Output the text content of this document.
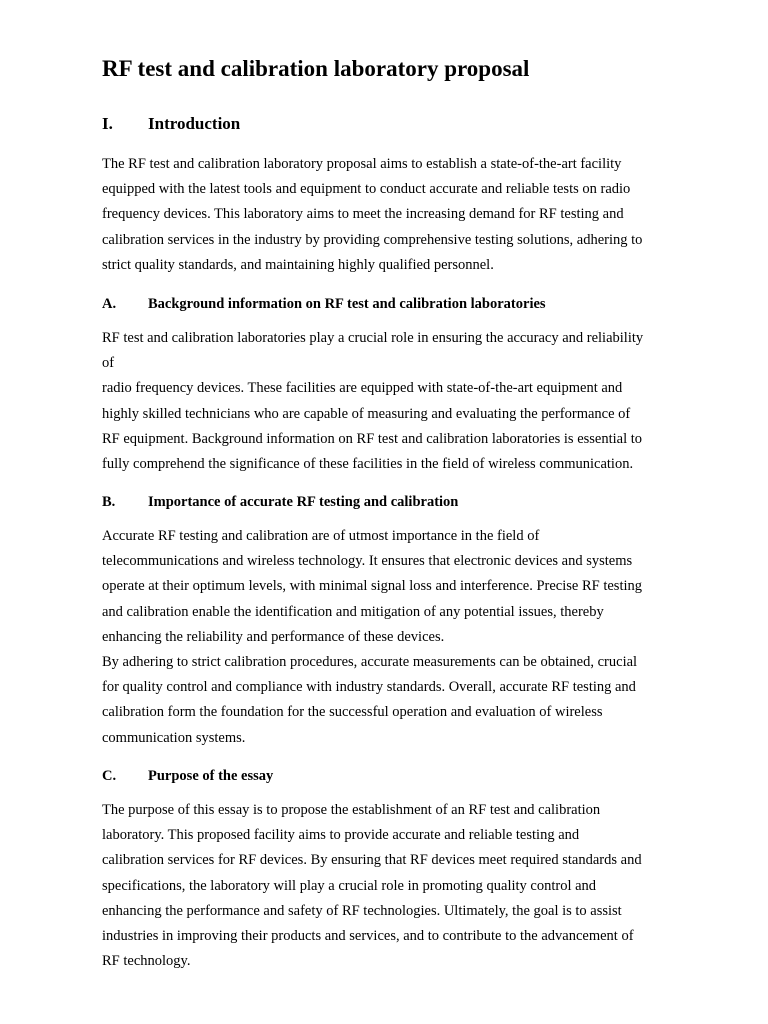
RF test and calibration laboratory proposal
I. Introduction

The RF test and calibration laboratory proposal aims to establish a state-of-the-art facility
equipped with the latest tools and equipment to conduct accurate and reliable tests on radio
frequency devices. This laboratory aims to meet the increasing demand for RF testing and
calibration services in the industry by providing comprehensive testing solutions, adhering to
strict quality standards, and maintaining highly qualified personnel.

A. Background information on RF test and calibration laboratories

RF test and calibration laboratories play a crucial role in ensuring the accuracy and reliability
of
radio frequency devices. These facilities are equipped with state-of-the-art equipment and
highly skilled technicians who are capable of measuring and evaluating the performance of
RF equipment. Background information on RF test and calibration laboratories is essential to
fully comprehend the significance of these facilities in the field of wireless communication.

B. Importance of accurate RF testing and calibration

Accurate RF testing and calibration are of utmost importance in the field of
telecommunications and wireless technology. It ensures that electronic devices and systems
operate at their optimum levels, with minimal signal loss and interference. Precise RF testing
and calibration enable the identification and mitigation of any potential issues, thereby
enhancing the reliability and performance of these devices.
By adhering to strict calibration procedures, accurate measurements can be obtained, crucial
for quality control and compliance with industry standards. Overall, accurate RF testing and
calibration form the foundation for the successful operation and evaluation of wireless
communication systems.

C. Purpose of the essay

The purpose of this essay is to propose the establishment of an RF test and calibration
laboratory. This proposed facility aims to provide accurate and reliable testing and
calibration services for RF devices. By ensuring that RF devices meet required standards and
specifications, the laboratory will play a crucial role in promoting quality control and
enhancing the performance and safety of RF technologies. Ultimately, the goal is to assist
industries in improving their products and services, and to contribute to the advancement of
RF technology.
